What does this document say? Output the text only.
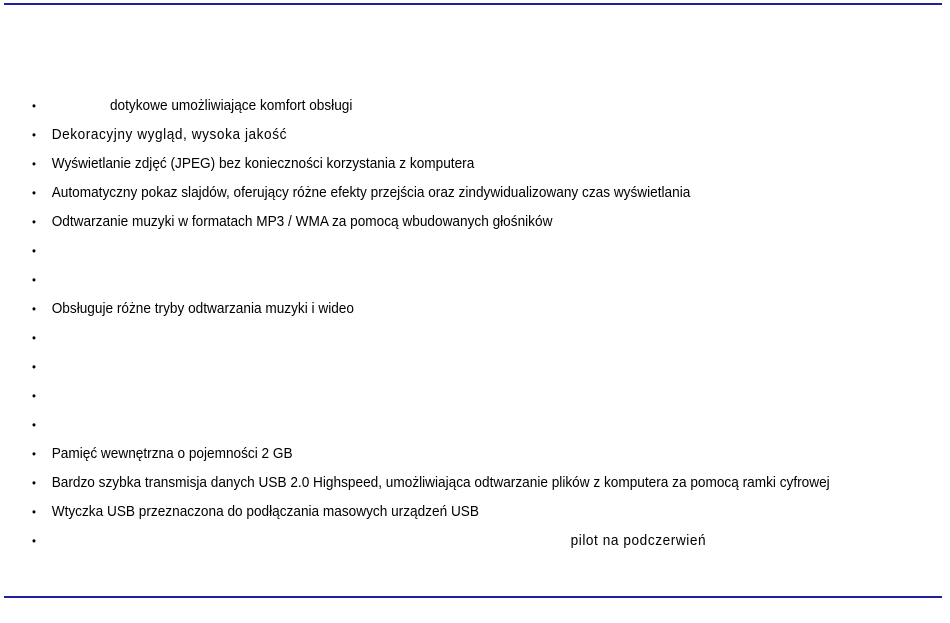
•	dotykowe umożliwiające komfort obsługi
• Dekoracyjny wygląd, wysoka jakość
• Wyświetlanie zdjęć (JPEG) bez konieczności korzystania z komputera
• Automatyczny pokaz slajdów, oferujący różne efekty przejścia oraz zindywidualizowany czas wyświetlania
• Odtwarzanie muzyki w formatach MP3 / WMA za pomocą wbudowanych głośników
•
•
• Obsługuje różne tryby odtwarzania muzyki i wideo
•
•
•
•
• Pamięć wewnętrzna o pojemności 2 GB
• Bardzo szybka transmisja danych USB 2.0 Highspeed, umożliwiająca odtwarzanie plików z komputera za pomocą ramki cyfrowej
• Wtyczka USB przeznaczona do podłączania masowych urządzeń USB
•	pilot na podczerwień
